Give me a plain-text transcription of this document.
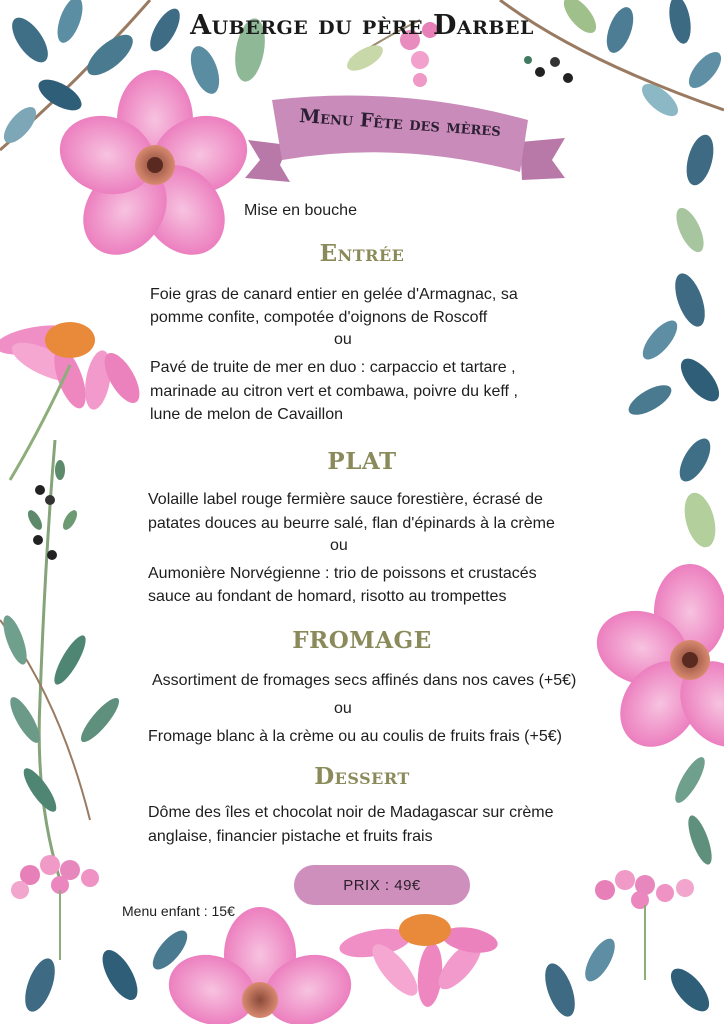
Auberge du père Darbel
Menu Fête des mères
Mise en bouche
Entrée
Foie gras de canard entier en gelée d'Armagnac, sa
pomme confite, compotée d'oignons de Roscoff
ou
Pavé de truite de mer en duo : carpaccio et tartare ,
marinade au citron vert et combawa, poivre du keff ,
lune de melon de Cavaillon
PLAT
Volaille label rouge fermière sauce forestière, écrasé de
patates douces au beurre salé, flan d'épinards à la crème
ou
Aumonière Norvégienne : trio de poissons et crustacés
sauce au fondant de homard, risotto au trompettes
FROMAGE
Assortiment de fromages secs affinés dans nos caves (+5€)
ou
Fromage blanc à la crème ou au coulis de fruits frais (+5€)
Dessert
Dôme des îles et chocolat noir de Madagascar sur crème
anglaise, financier pistache et fruits frais
PRIX : 49€
Menu enfant : 15€
